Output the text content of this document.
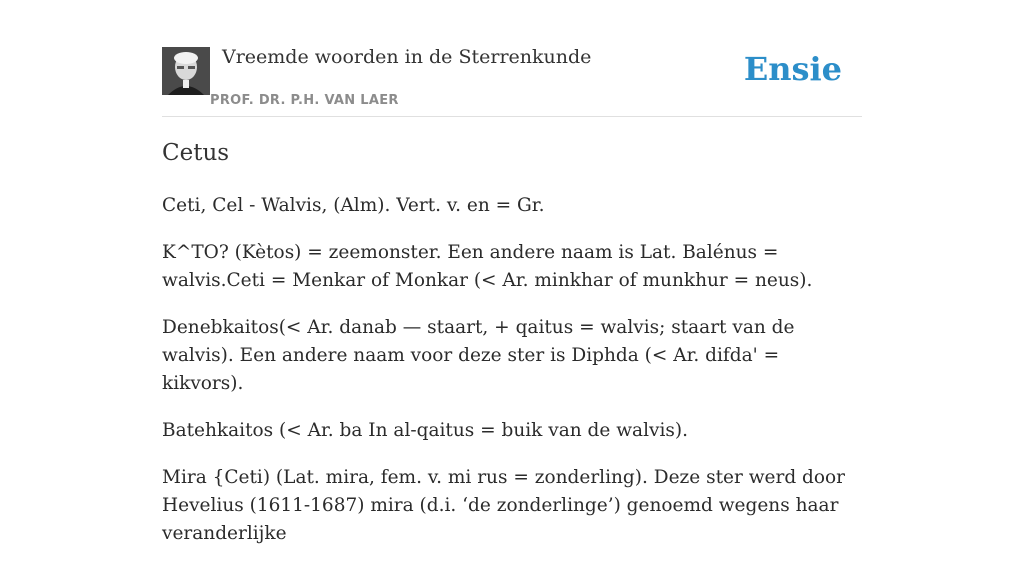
Vreemde woorden in de Sterrenkunde
PROF. DR. P.H. VAN LAER
Ensie
Cetus

Ceti, Cel - Walvis, (Alm). Vert. v. en = Gr.

K^TO? (Kètos) = zeemonster. Een andere naam is Lat. Balénus = walvis.Ceti = Menkar of Monkar (< Ar. minkhar of munkhur = neus).

Denebkaitos(< Ar. danab — staart, + qaitus = walvis; staart van de walvis). Een andere naam voor deze ster is Diphda (< Ar. difda' = kikvors).

Batehkaitos (< Ar. ba In al-qaitus = buik van de walvis).

Mira {Ceti) (Lat. mira, fem. v. mi rus = zonderling). Deze ster werd door Hevelius (1611-1687) mira (d.i. ‘de zonderlinge’) genoemd wegens haar veranderlijke
